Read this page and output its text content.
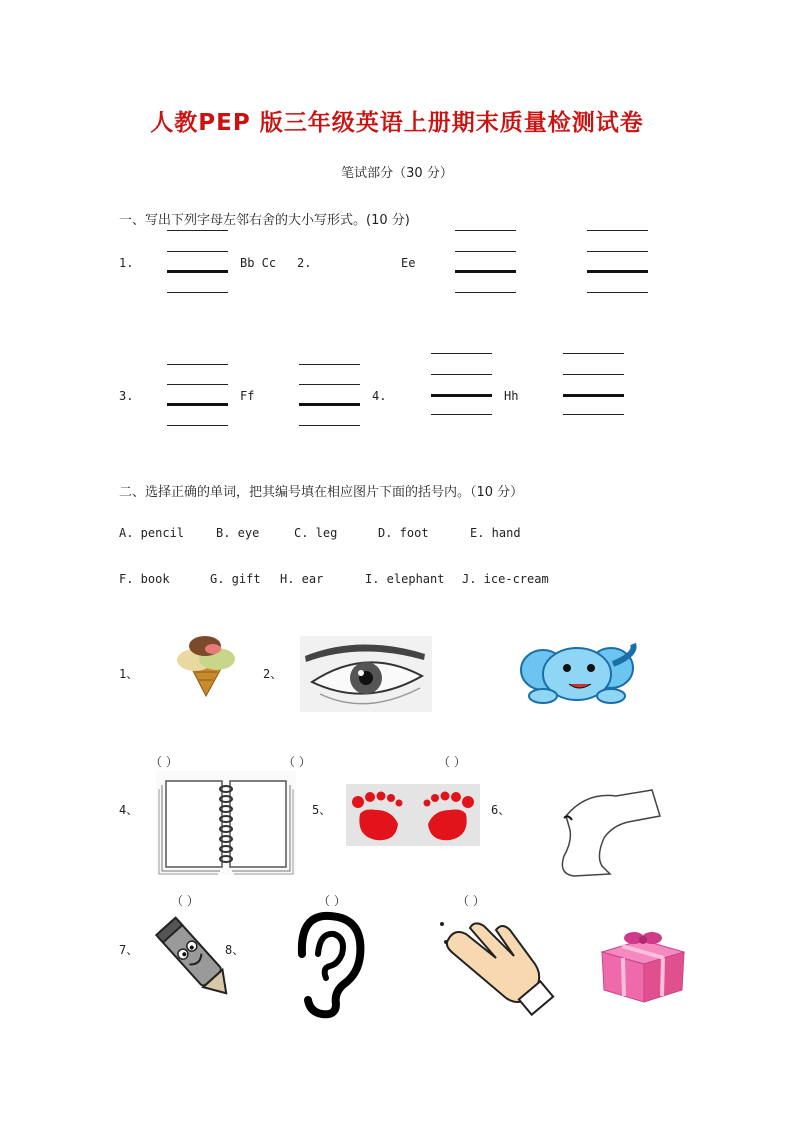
人教PEP 版三年级英语上册期末质量检测试卷
笔试部分（30 分）
一、写出下列字母左邻右舍的大小写形式。(10 分)
1.	Bb Cc 2.	Ee
3.	Ff	4.	Hh
二、选择正确的单词，把其编号填在相应图片下面的括号内。（10 分）
A. pencil	B. eye	C. leg	D. foot	E. hand
F. book	G. gift H. ear	I. elephant J. ice-cream
1、	2、
（ ）	（ ）	（ ）
4、	5、	6、
（ ）	（ ）	（ ）
7、	8、
